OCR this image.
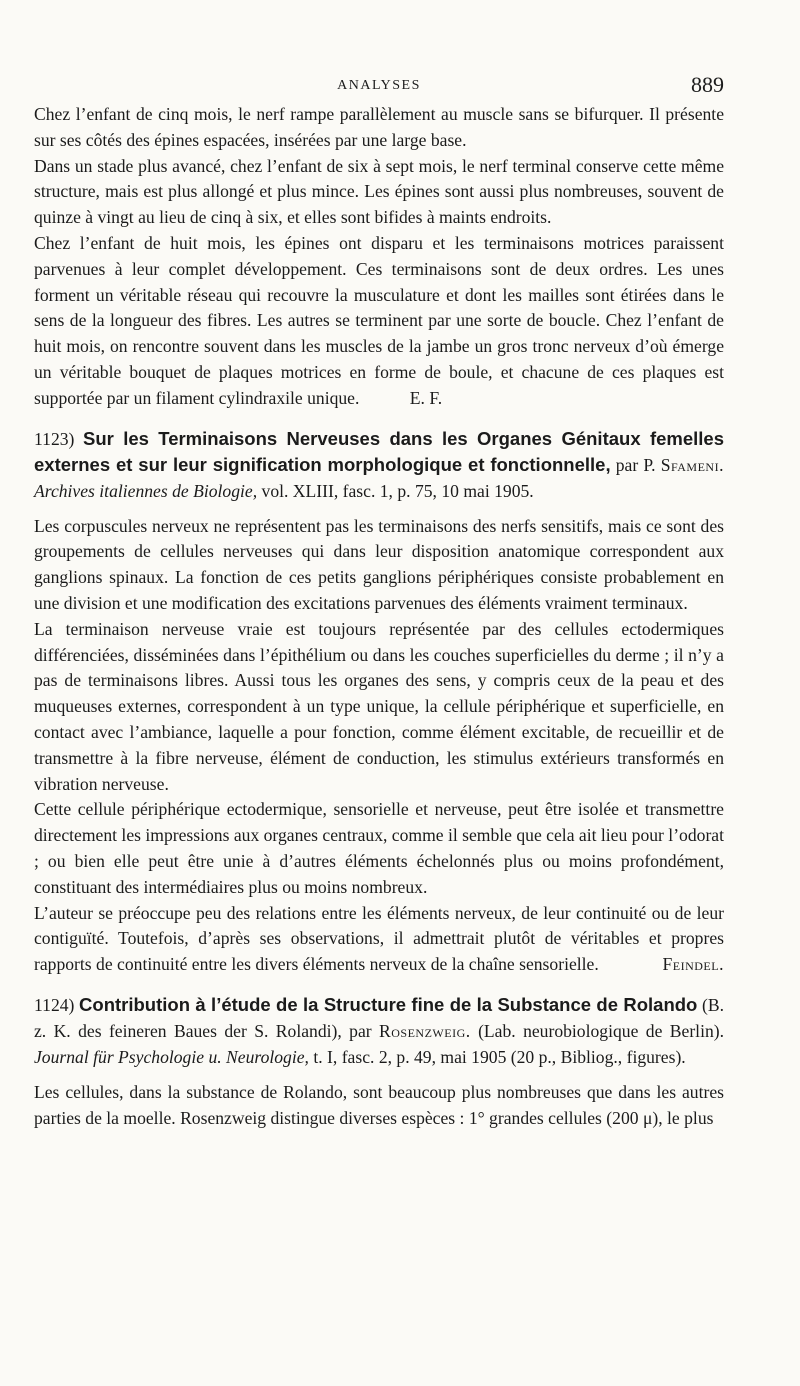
ANALYSES	889

Chez l’enfant de cinq mois, le nerf rampe parallèlement au muscle sans se bifurquer. Il présente sur ses côtés des épines espacées, insérées par une large base.

Dans un stade plus avancé, chez l’enfant de six à sept mois, le nerf terminal conserve cette même structure, mais est plus allongé et plus mince. Les épines sont aussi plus nombreuses, souvent de quinze à vingt au lieu de cinq à six, et elles sont bifides à maints endroits.

Chez l’enfant de huit mois, les épines ont disparu et les terminaisons motrices paraissent parvenues à leur complet développement. Ces terminaisons sont de deux ordres. Les unes forment un véritable réseau qui recouvre la musculature et dont les mailles sont étirées dans le sens de la longueur des fibres. Les autres se terminent par une sorte de boucle. Chez l’enfant de huit mois, on rencontre souvent dans les muscles de la jambe un gros tronc nerveux d’où émerge un véritable bouquet de plaques motrices en forme de boule, et chacune de ces plaques est supportée par un filament cylindraxile unique.	E. F.

1123) Sur les Terminaisons Nerveuses dans les Organes Génitaux femelles externes et sur leur signification morphologique et fonctionnelle, par P. Sfameni. Archives italiennes de Biologie, vol. XLIII, fasc. 1, p. 75, 10 mai 1905.

Les corpuscules nerveux ne représentent pas les terminaisons des nerfs sensitifs, mais ce sont des groupements de cellules nerveuses qui dans leur disposition anatomique correspondent aux ganglions spinaux. La fonction de ces petits ganglions périphériques consiste probablement en une division et une modification des excitations parvenues des éléments vraiment terminaux.

La terminaison nerveuse vraie est toujours représentée par des cellules ectodermiques différenciées, disséminées dans l’épithélium ou dans les couches superficielles du derme ; il n’y a pas de terminaisons libres. Aussi tous les organes des sens, y compris ceux de la peau et des muqueuses externes, correspondent à un type unique, la cellule périphérique et superficielle, en contact avec l’ambiance, laquelle a pour fonction, comme élément excitable, de recueillir et de transmettre à la fibre nerveuse, élément de conduction, les stimulus extérieurs transformés en vibration nerveuse.

Cette cellule périphérique ectodermique, sensorielle et nerveuse, peut être isolée et transmettre directement les impressions aux organes centraux, comme il semble que cela ait lieu pour l’odorat ; ou bien elle peut être unie à d’autres éléments échelonnés plus ou moins profondément, constituant des intermédiaires plus ou moins nombreux.

L’auteur se préoccupe peu des relations entre les éléments nerveux, de leur continuité ou de leur contiguïté. Toutefois, d’après ses observations, il admettrait plutôt de véritables et propres rapports de continuité entre les divers éléments nerveux de la chaîne sensorielle.	Feindel.

1124) Contribution à l’étude de la Structure fine de la Substance de Rolando (B. z. K. des feineren Baues der S. Rolandi), par Rosenzweig. (Lab. neurobiologique de Berlin). Journal für Psychologie u. Neurologie, t. I, fasc. 2, p. 49, mai 1905 (20 p., Bibliog., figures).

Les cellules, dans la substance de Rolando, sont beaucoup plus nombreuses que dans les autres parties de la moelle. Rosenzweig distingue diverses espèces : 1° grandes cellules (200 μ), le plus
